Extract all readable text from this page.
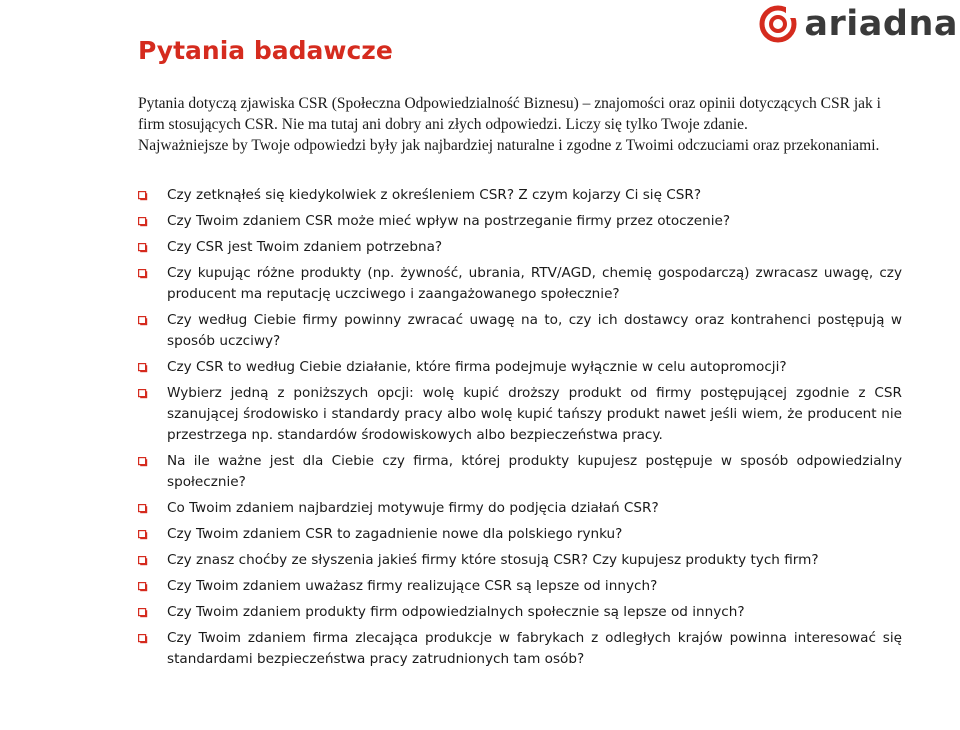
ariadna
Pytania badawcze
Pytania dotyczą zjawiska CSR (Społeczna Odpowiedzialność Biznesu) – znajomości oraz opinii dotyczących CSR jak i firm stosujących CSR. Nie ma tutaj ani dobry ani złych odpowiedzi. Liczy się tylko Twoje zdanie.
Najważniejsze by Twoje odpowiedzi były jak najbardziej naturalne i zgodne z Twoimi odczuciami oraz przekonaniami.
Czy zetknąłeś się kiedykolwiek z określeniem CSR? Z czym kojarzy Ci się CSR?
Czy Twoim zdaniem CSR może mieć wpływ na postrzeganie firmy przez otoczenie?
Czy CSR jest Twoim zdaniem potrzebna?
Czy kupując różne produkty (np. żywność, ubrania, RTV/AGD, chemię gospodarczą) zwracasz uwagę, czy producent ma reputację uczciwego i zaangażowanego społecznie?
Czy według Ciebie firmy powinny zwracać uwagę na to, czy ich dostawcy oraz kontrahenci postępują w sposób uczciwy?
Czy CSR to według Ciebie działanie, które firma podejmuje wyłącznie w celu autopromocji?
Wybierz jedną z poniższych opcji: wolę kupić droższy produkt od firmy postępującej zgodnie z CSR szanującej środowisko i standardy pracy albo wolę kupić tańszy produkt nawet jeśli wiem, że producent nie przestrzega np. standardów środowiskowych albo bezpieczeństwa pracy.
Na ile ważne jest dla Ciebie czy firma, której produkty kupujesz postępuje w sposób odpowiedzialny społecznie?
Co Twoim zdaniem najbardziej motywuje firmy do podjęcia działań CSR?
Czy Twoim zdaniem CSR to zagadnienie nowe dla polskiego rynku?
Czy znasz choćby ze słyszenia jakieś firmy które stosują CSR? Czy kupujesz produkty tych firm?
Czy Twoim zdaniem uważasz firmy realizujące CSR są lepsze od innych?
Czy Twoim zdaniem produkty firm odpowiedzialnych społecznie są lepsze od innych?
Czy Twoim zdaniem firma zlecająca produkcje w fabrykach z odległych krajów powinna interesować się standardami bezpieczeństwa pracy zatrudnionych tam osób?
